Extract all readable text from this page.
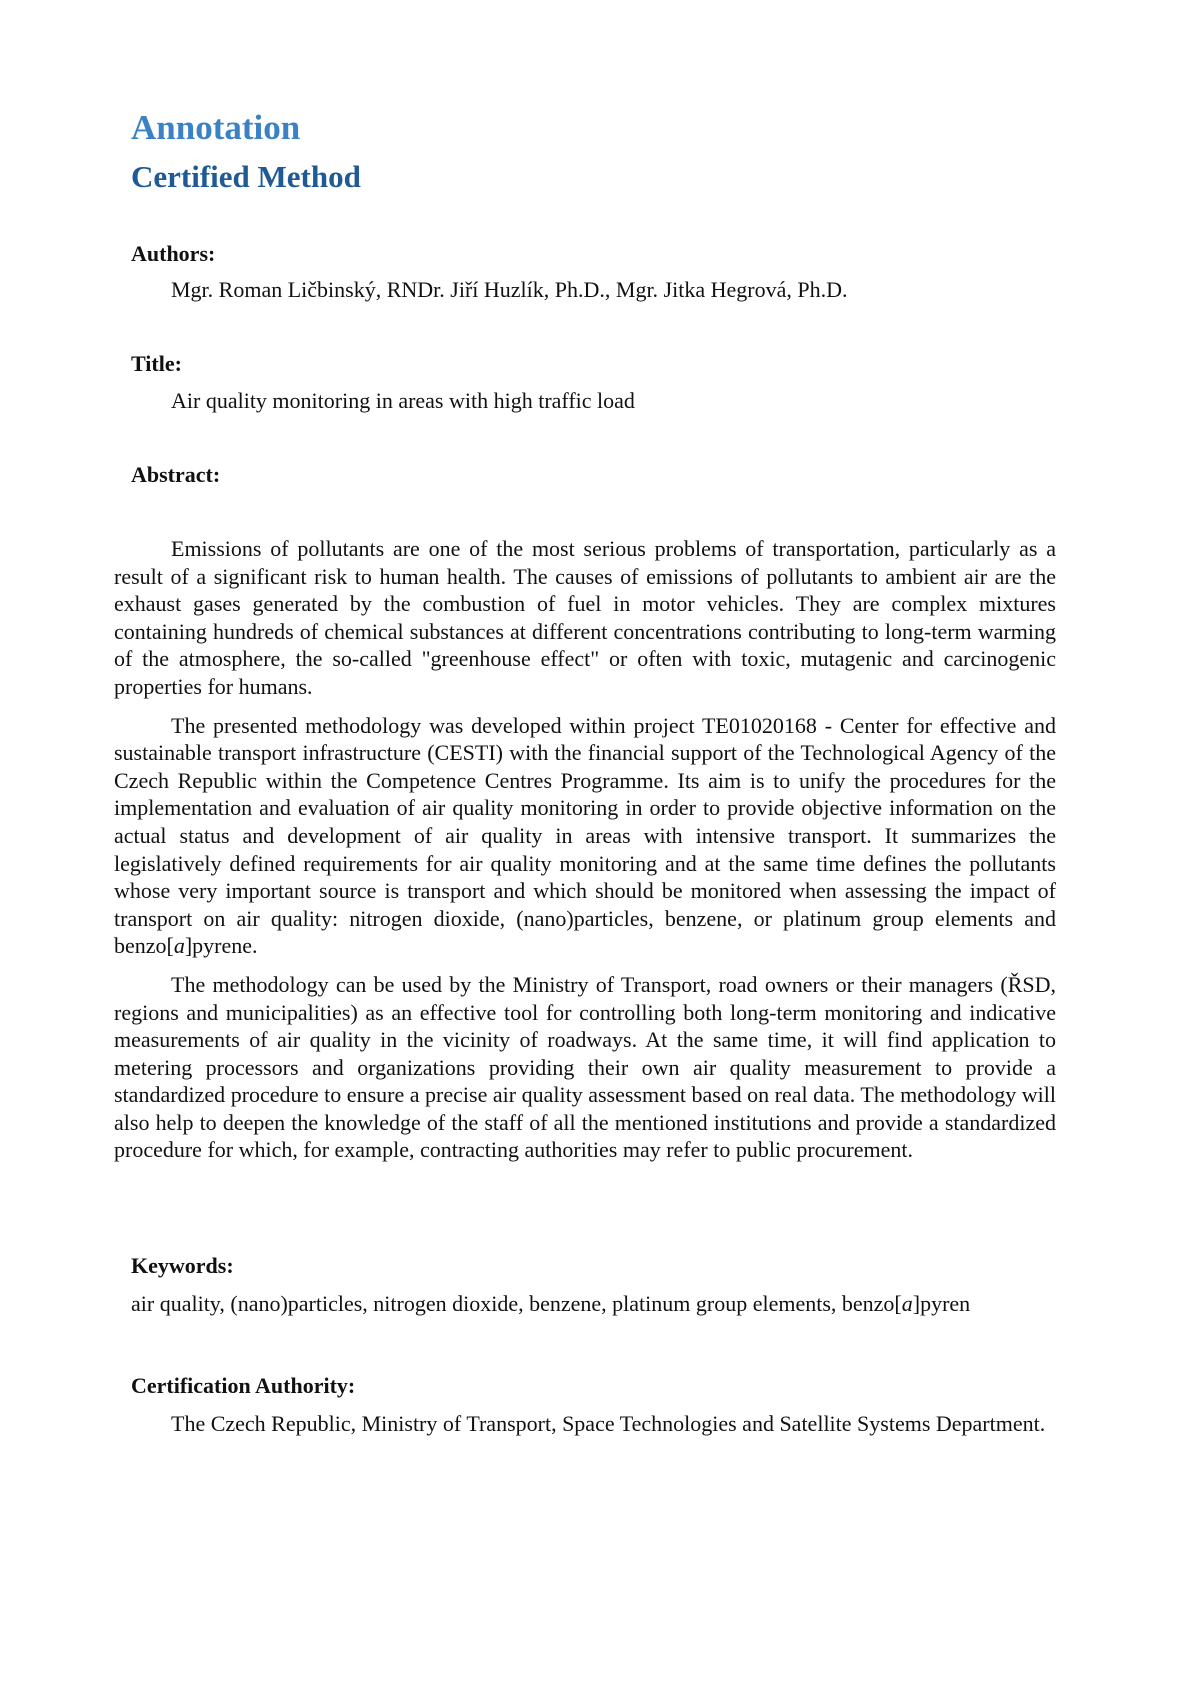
Annotation
Certified Method
Authors:
Mgr. Roman Ličbinský, RNDr. Jiří Huzlík, Ph.D., Mgr. Jitka Hegrová, Ph.D.
Title:
Air quality monitoring in areas with high traffic load
Abstract:

Emissions of pollutants are one of the most serious problems of transportation, particularly as a result of a significant risk to human health. The causes of emissions of pollutants to ambient air are the exhaust gases generated by the combustion of fuel in motor vehicles. They are complex mixtures containing hundreds of chemical substances at different concentrations contributing to long-term warming of the atmosphere, the so-called "greenhouse effect" or often with toxic, mutagenic and carcinogenic properties for humans.

The presented methodology was developed within project TE01020168 - Center for effective and sustainable transport infrastructure (CESTI) with the financial support of the Technological Agency of the Czech Republic within the Competence Centres Programme. Its aim is to unify the procedures for the implementation and evaluation of air quality monitoring in order to provide objective information on the actual status and development of air quality in areas with intensive transport. It summarizes the legislatively defined requirements for air quality monitoring and at the same time defines the pollutants whose very important source is transport and which should be monitored when assessing the impact of transport on air quality: nitrogen dioxide, (nano)particles, benzene, or platinum group elements and benzo[a]pyrene.

The methodology can be used by the Ministry of Transport, road owners or their managers (ŘSD, regions and municipalities) as an effective tool for controlling both long-term monitoring and indicative measurements of air quality in the vicinity of roadways. At the same time, it will find application to metering processors and organizations providing their own air quality measurement to provide a standardized procedure to ensure a precise air quality assessment based on real data. The methodology will also help to deepen the knowledge of the staff of all the mentioned institutions and provide a standardized procedure for which, for example, contracting authorities may refer to public procurement.

Keywords:
air quality, (nano)particles, nitrogen dioxide, benzene, platinum group elements, benzo[a]pyren
Certification Authority:

The Czech Republic, Ministry of Transport, Space Technologies and Satellite Systems Department.
